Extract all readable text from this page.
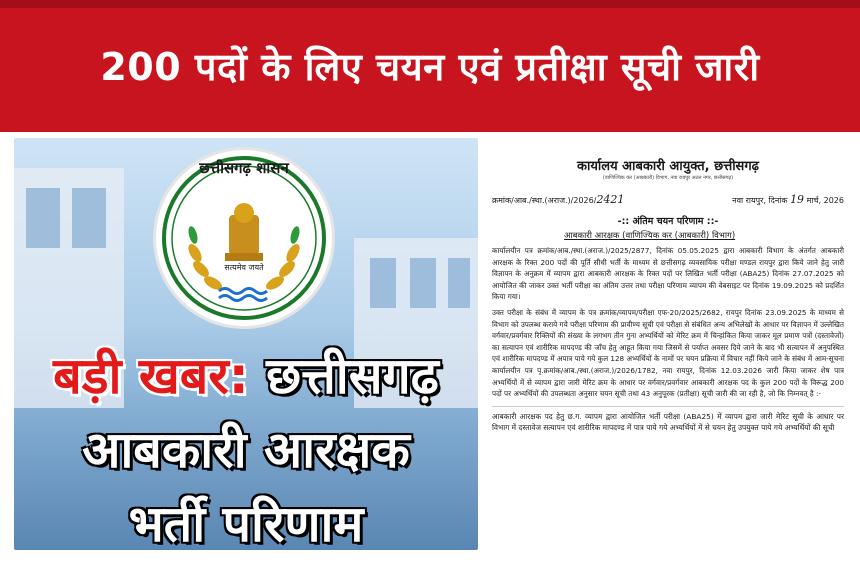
200 पदों के लिए चयन एवं प्रतीक्षा सूची जारी
छत्तीसगढ़ शासन
सत्यमेव जयते
बड़ी खबर: छत्तीसगढ़
आबकारी आरक्षक
भर्ती परिणाम
कार्यालय आबकारी आयुक्त, छत्तीसगढ़
(वाणिज्यिक कर (आबकारी) विभाग, नवा रायपुर अटल नगर, छत्तीसगढ़)
क्रमांक/आब./स्था.(अराज.)/2026/2421	नवा रायपुर, दिनांक 19 मार्च, 2026
-:: अंतिम चयन परिणाम ::-
आबकारी आरक्षक (वाणिज्यिक कर (आबकारी) विभाग)
कार्यालयीन पत्र क्रमांक/आब./स्था.(अराज.)/2025/2877, दिनांक 05.05.2025 द्वारा आबकारी विभाग के अंतर्गत आबकारी आरक्षक के रिक्त 200 पदों की पूर्ति सीधी भर्ती के माध्यम से छत्तीसगढ़ व्यवसायिक परीक्षा मण्डल रायपुर द्वारा किये जाने हेतु जारी विज्ञापन के अनुक्रम में व्यापम द्वारा आबकारी आरक्षक के रिक्त पदों पर लिखित भर्ती परीक्षा (ABA25) दिनांक 27.07.2025 को आयोजित की जाकर उक्त भर्ती परीक्षा का अंतिम उत्तर तथा परीक्षा परिणाम व्यापम की वेबसाइट पर दिनांक 19.09.2025 को प्रदर्शित किया गया।
उक्त परीक्षा के संबंध में व्यापम के पत्र क्रमांक/व्यापम/परीक्षा एफ-20/2025/2682, रायपुर दिनांक 23.09.2025 के माध्यम से विभाग को उपलब्ध कराये गये परीक्षा परिणाम की प्रावीण्य सूची एवं परीक्षा से संबंधित अन्य अभिलेखों के आधार पर विज्ञापन में उल्लेखित वर्गवार/प्रवर्गवार रिक्तियों की संख्या के लगभग तीन गुना अभ्यर्थियों को मेरिट क्रम में चिन्हांकित किया जाकर मूल प्रमाण पत्रों (दस्तावेजों) का सत्यापन एवं शारीरिक मापदण्ड की जाँच हेतु आहूत किया गया जिसमें से पर्याप्त अवसर दिये जाने के बाद भी सत्यापन में अनुपस्थित एवं शारीरिक मापदण्ड में अपात्र पाये गये कुल 128 अभ्यर्थियों के नामों पर चयन प्रक्रिया में विचार नहीं किये जाने के संबंध में आम-सूचना कार्यालयीन पत्र पृ.क्रमांक/आब./स्था.(अराज.)/2026/1782, नवा रायपुर, दिनांक 12.03.2026 जारी किया जाकर शेष पात्र अभ्यर्थियों में से व्यापम द्वारा जारी मेरिट क्रम के आधार पर वर्गवार/प्रवर्गवार आबकारी आरक्षक पद के कुल 200 पदों के विरूद्ध 200 पदों पर अभ्यर्थियों की उपलब्धता अनुसार चयन सूची तथा 43 अनुपूरक (प्रतीक्षा) सूची जारी की जा रही है, जो कि निम्नवत् है :-
आबकारी आरक्षक पद हेतु छ.ग. व्यापम द्वारा आयोजित भर्ती परीक्षा (ABA25) में व्यापम द्वारा जारी मेरिट सूची के आधार पर विभाग में दस्तावेज सत्यापन एवं शारीरिक मापदण्ड में पात्र पाये गये अभ्यर्थियों में से चयन हेतु उपयुक्त पाये गये अभ्यर्थियों की सूची
